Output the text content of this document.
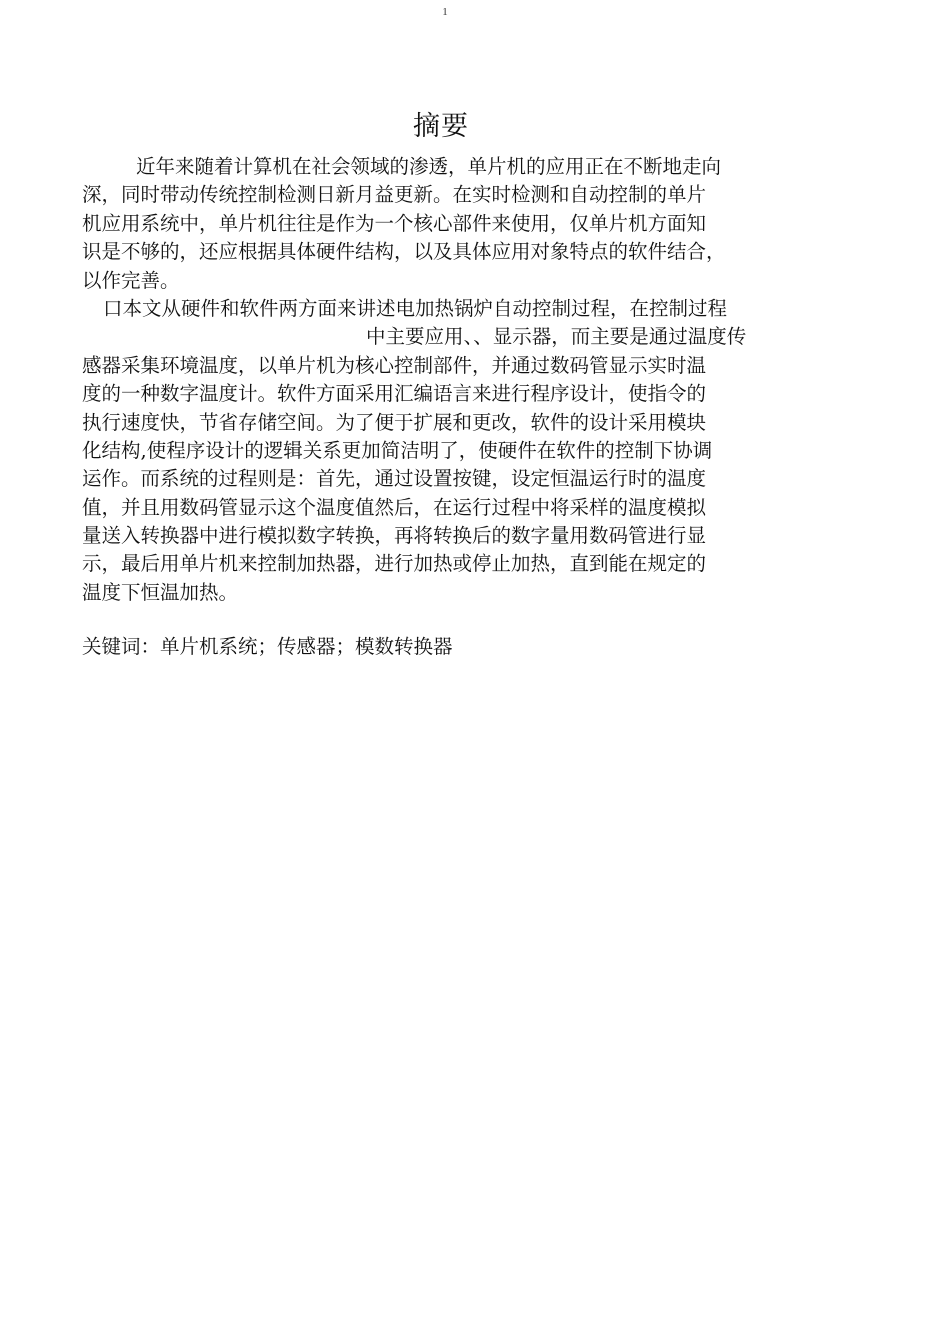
1
摘要
近年来随着计算机在社会领域的渗透，单片机的应用正在不断地走向
深，同时带动传统控制检测日新月益更新。在实时检测和自动控制的单片
机应用系统中，单片机往往是作为一个核心部件来使用，仅单片机方面知
识是不够的，还应根据具体硬件结构，以及具体应用对象特点的软件结合，
以作完善。
口本文从硬件和软件两方面来讲述电加热锅炉自动控制过程，在控制过程
中主要应用、、显示器，而主要是通过温度传
感器采集环境温度，以单片机为核心控制部件，并通过数码管显示实时温
度的一种数字温度计。软件方面采用汇编语言来进行程序设计，使指令的
执行速度快，节省存储空间。为了便于扩展和更改，软件的设计采用模块
化结构,使程序设计的逻辑关系更加简洁明了，使硬件在软件的控制下协调
运作。而系统的过程则是：首先，通过设置按键，设定恒温运行时的温度
值，并且用数码管显示这个温度值然后，在运行过程中将采样的温度模拟
量送入转换器中进行模拟数字转换，再将转换后的数字量用数码管进行显
示，最后用单片机来控制加热器，进行加热或停止加热，直到能在规定的
温度下恒温加热。
关键词：单片机系统；传感器；模数转换器
